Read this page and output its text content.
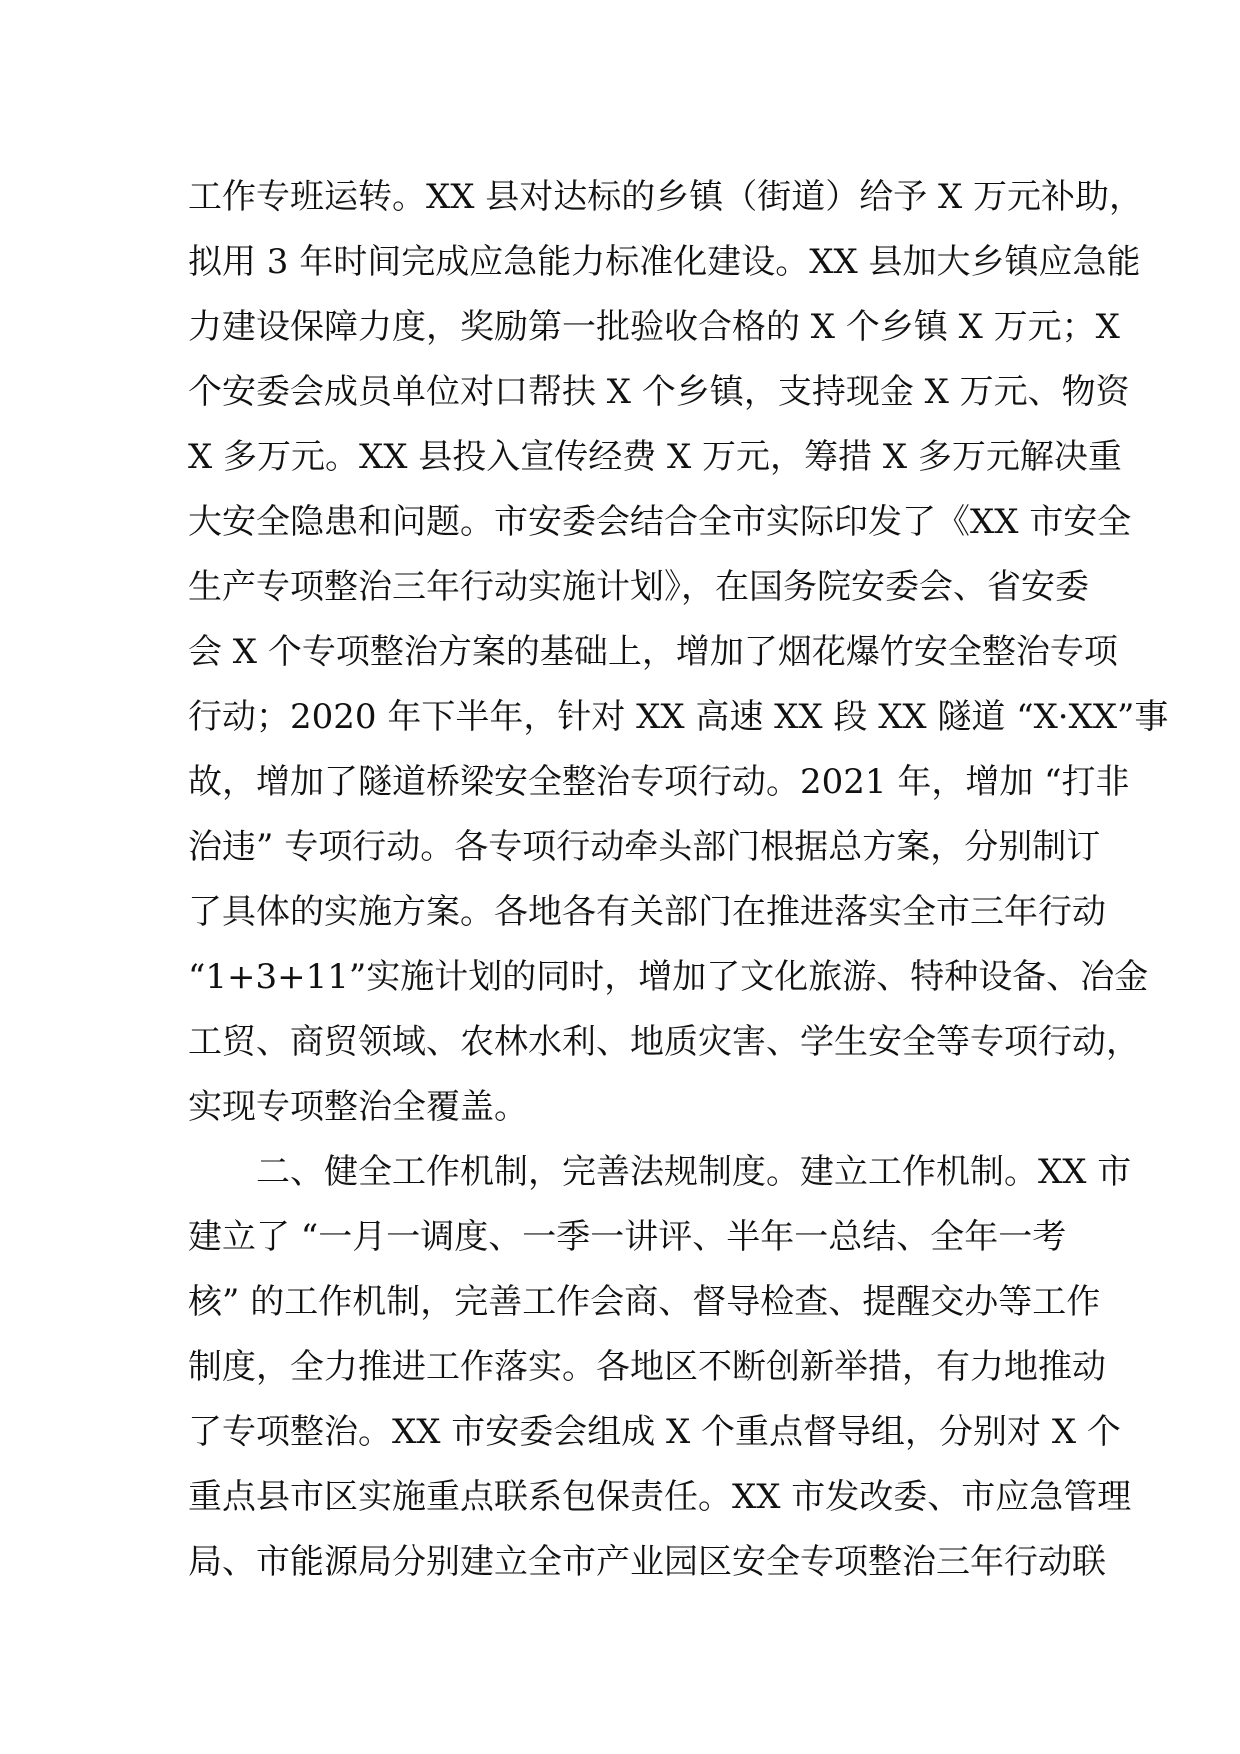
工作专班运转。XX 县对达标的乡镇（街道）给予 X 万元补助，
拟用 3 年时间完成应急能力标准化建设。XX 县加大乡镇应急能
力建设保障力度，奖励第一批验收合格的 X 个乡镇 X 万元；X
个安委会成员单位对口帮扶 X 个乡镇，支持现金 X 万元、物资
X 多万元。XX 县投入宣传经费 X 万元，筹措 X 多万元解决重
大安全隐患和问题。市安委会结合全市实际印发了《XX 市安全
生产专项整治三年行动实施计划》，在国务院安委会、省安委
会 X 个专项整治方案的基础上，增加了烟花爆竹安全整治专项
行动；2020 年下半年，针对 XX 高速 XX 段 XX 隧道 “X·XX”事
故，增加了隧道桥梁安全整治专项行动。2021 年，增加 “打非
治违” 专项行动。各专项行动牵头部门根据总方案，分别制订
了具体的实施方案。各地各有关部门在推进落实全市三年行动
“1+3+11”实施计划的同时，增加了文化旅游、特种设备、冶金
工贸、商贸领域、农林水利、地质灾害、学生安全等专项行动，
实现专项整治全覆盖。
二、健全工作机制，完善法规制度。建立工作机制。XX 市
建立了 “一月一调度、一季一讲评、半年一总结、全年一考
核” 的工作机制，完善工作会商、督导检查、提醒交办等工作
制度，全力推进工作落实。各地区不断创新举措，有力地推动
了专项整治。XX 市安委会组成 X 个重点督导组，分别对 X 个
重点县市区实施重点联系包保责任。XX 市发改委、市应急管理
局、市能源局分别建立全市产业园区安全专项整治三年行动联
